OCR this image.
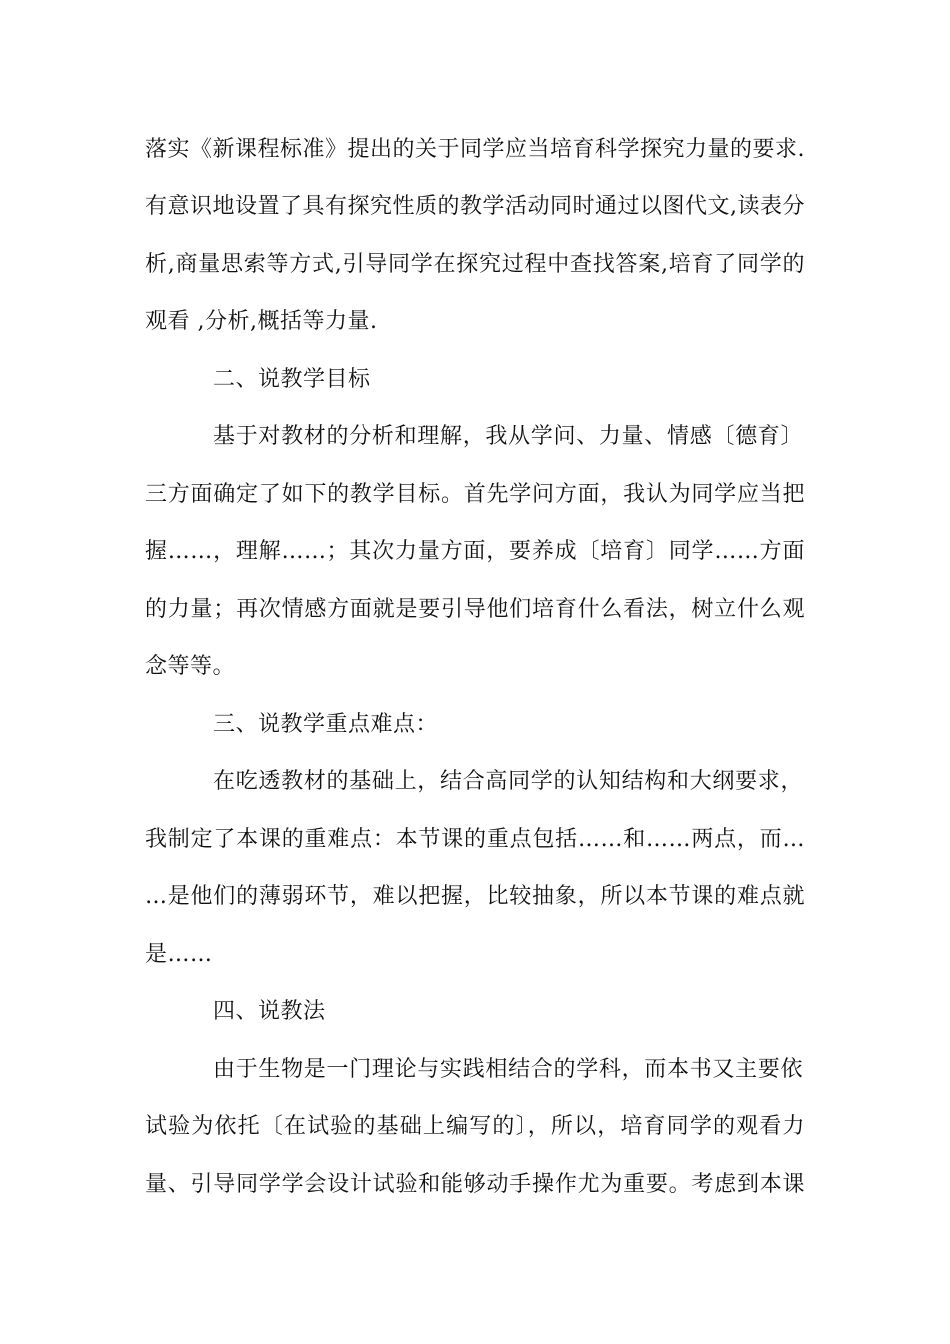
落实《新课程标准》提出的关于同学应当培育科学探究力量的要求.
有意识地设置了具有探究性质的教学活动同时通过以图代文,读表分
析,商量思索等方式,引导同学在探究过程中查找答案,培育了同学的
观看 ,分析,概括等力量.
二、说教学目标
基于对教材的分析和理解，我从学问、力量、情感〔德育〕
三方面确定了如下的教学目标。首先学问方面，我认为同学应当把
握……，理解……；其次力量方面，要养成〔培育〕同学……方面
的力量；再次情感方面就是要引导他们培育什么看法，树立什么观
念等等。
三、说教学重点难点：
在吃透教材的基础上，结合高同学的认知结构和大纲要求，
我制定了本课的重难点：本节课的重点包括……和……两点，而…
…是他们的薄弱环节，难以把握，比较抽象，所以本节课的难点就
是……
四、说教法
由于生物是一门理论与实践相结合的学科，而本书又主要依
试验为依托〔在试验的基础上编写的〕，所以，培育同学的观看力
量、引导同学学会设计试验和能够动手操作尤为重要。考虑到本课
